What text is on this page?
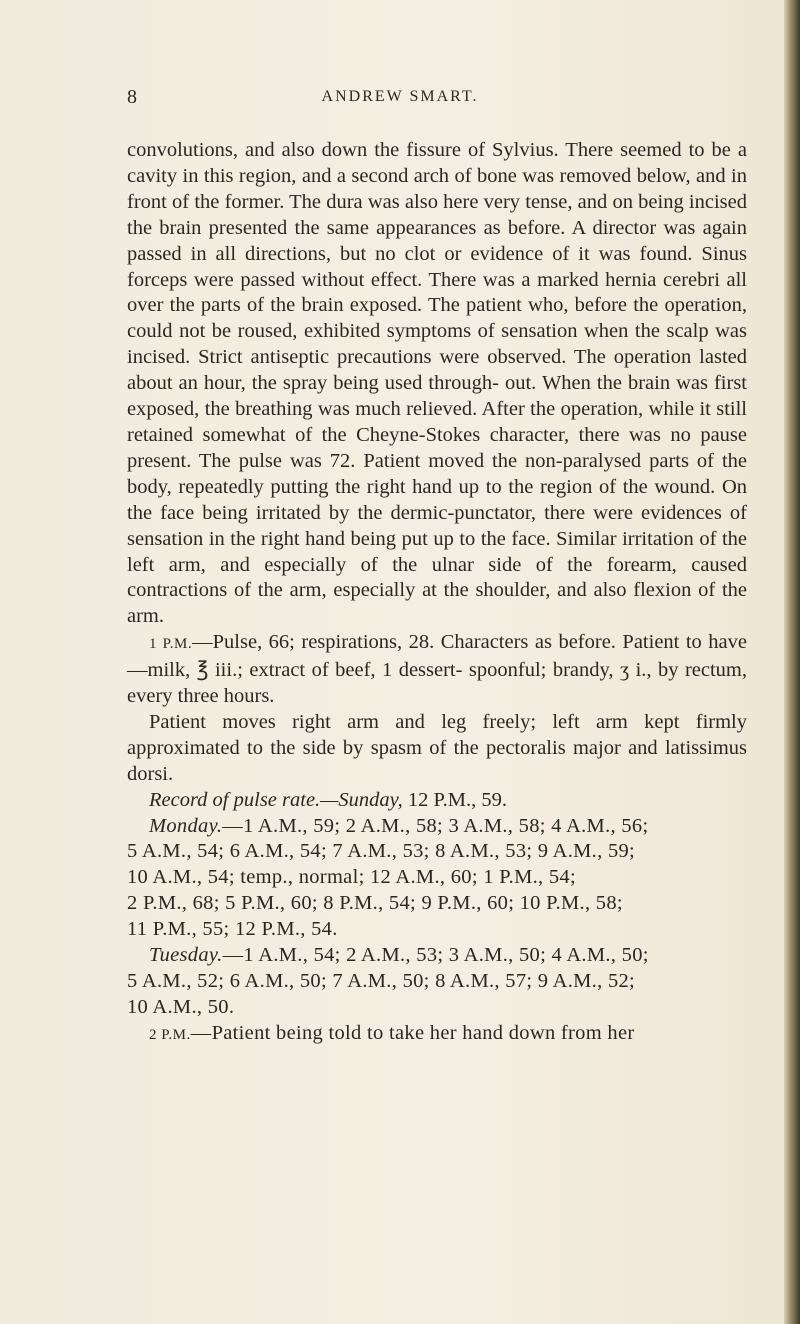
8	ANDREW SMART.

convolutions, and also down the fissure of Sylvius. There seemed to be a cavity in this region, and a second arch of bone was removed below, and in front of the former. The dura was also here very tense, and on being incised the brain presented the same appearances as before. A director was again passed in all directions, but no clot or evidence of it was found. Sinus forceps were passed without effect. There was a marked hernia cerebri all over the parts of the brain exposed. The patient who, before the operation, could not be roused, exhibited symptoms of sensation when the scalp was incised. Strict antiseptic precautions were observed. The operation lasted about an hour, the spray being used through- out. When the brain was first exposed, the breathing was much relieved. After the operation, while it still retained somewhat of the Cheyne-Stokes character, there was no pause present. The pulse was 72. Patient moved the non-paralysed parts of the body, repeatedly putting the right hand up to the region of the wound. On the face being irritated by the dermic-punctator, there were evidences of sensation in the right hand being put up to the face. Similar irritation of the left arm, and especially of the ulnar side of the forearm, caused contractions of the arm, especially at the shoulder, and also flexion of the arm.

1 P.M.—Pulse, 66; respirations, 28. Characters as before. Patient to have—milk, ℥ iii.; extract of beef, 1 dessert- spoonful; brandy, ʒ i., by rectum, every three hours.

Patient moves right arm and leg freely; left arm kept firmly approximated to the side by spasm of the pectoralis major and latissimus dorsi.

Record of pulse rate.—Sunday, 12 P.M., 59.

Monday.—1 A.M., 59; 2 A.M., 58; 3 A.M., 58; 4 A.M., 56;

5 A.M., 54; 6 A.M., 54; 7 A.M., 53; 8 A.M., 53; 9 A.M., 59;

10 A.M., 54; temp., normal; 12 A.M., 60; 1 P.M., 54;

2 P.M., 68; 5 P.M., 60; 8 P.M., 54; 9 P.M., 60; 10 P.M., 58;

11 P.M., 55; 12 P.M., 54.

Tuesday.—1 A.M., 54; 2 A.M., 53; 3 A.M., 50; 4 A.M., 50;

5 A.M., 52; 6 A.M., 50; 7 A.M., 50; 8 A.M., 57; 9 A.M., 52;

10 A.M., 50.

2 P.M.—Patient being told to take her hand down from her
